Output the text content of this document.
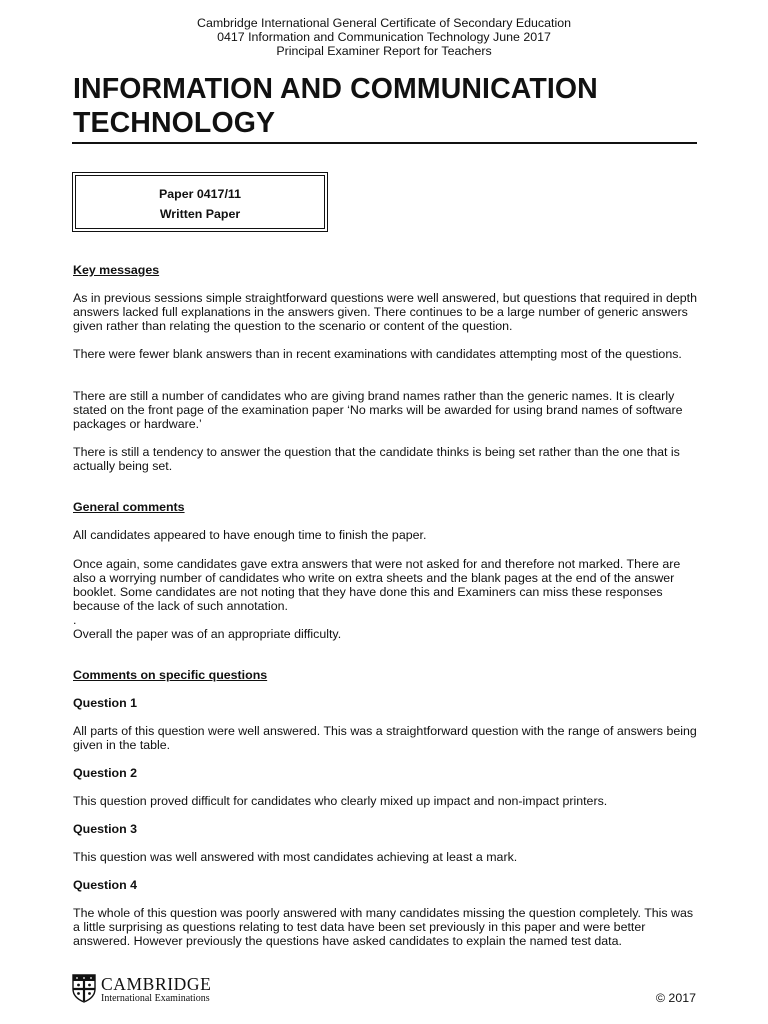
Cambridge International General Certificate of Secondary Education
0417 Information and Communication Technology June 2017
Principal Examiner Report for Teachers
INFORMATION AND COMMUNICATION
TECHNOLOGY
Paper 0417/11
Written Paper

Key messages

As in previous sessions simple straightforward questions were well answered, but questions that required in depth answers lacked full explanations in the answers given. There continues to be a large number of generic answers given rather than relating the question to the scenario or content of the question.

There were fewer blank answers than in recent examinations with candidates attempting most of the questions.

There are still a number of candidates who are giving brand names rather than the generic names. It is clearly stated on the front page of the examination paper ‘No marks will be awarded for using brand names of software packages or hardware.’

There is still a tendency to answer the question that the candidate thinks is being set rather than the one that is actually being set.

General comments

All candidates appeared to have enough time to finish the paper.

Once again, some candidates gave extra answers that were not asked for and therefore not marked. There are also a worrying number of candidates who write on extra sheets and the blank pages at the end of the answer booklet. Some candidates are not noting that they have done this and Examiners can miss these responses because of the lack of such annotation.

.

Overall the paper was of an appropriate difficulty.

Comments on specific questions

Question 1

All parts of this question were well answered. This was a straightforward question with the range of answers being given in the table.

Question 2

This question proved difficult for candidates who clearly mixed up impact and non-impact printers.

Question 3

This question was well answered with most candidates achieving at least a mark.

Question 4

The whole of this question was poorly answered with many candidates missing the question completely. This was a little surprising as questions relating to test data have been set previously in this paper and were better answered. However previously the questions have asked candidates to explain the named test data.

CAMBRIDGE
International Examinations	© 2017
